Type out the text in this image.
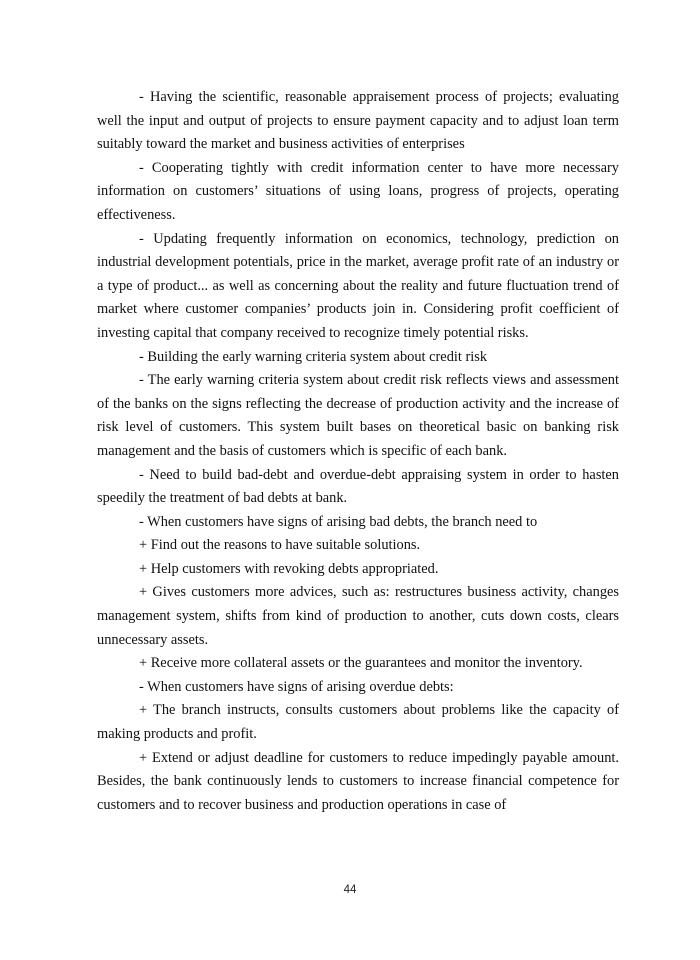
- Having the scientific, reasonable appraisement process of projects; evaluating well the input and output of projects to ensure payment capacity and to adjust loan term suitably toward the market and business activities of enterprises

- Cooperating tightly with credit information center to have more necessary information on customers’ situations of using loans, progress of projects, operating effectiveness.

- Updating frequently information on economics, technology, prediction on industrial development potentials, price in the market, average profit rate of an industry or a type of product... as well as concerning about the reality and future fluctuation trend of market where customer companies’ products join in. Considering profit coefficient of investing capital that company received to recognize timely potential risks.

- Building the early warning criteria system about credit risk

- The early warning criteria system about credit risk reflects views and assessment of the banks on the signs reflecting the decrease of production activity and the increase of risk level of customers. This system built bases on theoretical basic on banking risk management and the basis of customers which is specific of each bank.

- Need to build bad-debt and overdue-debt appraising system in order to hasten speedily the treatment of bad debts at bank.

- When customers have signs of arising bad debts, the branch need to

+ Find out the reasons to have suitable solutions.

+ Help customers with revoking debts appropriated.

+ Gives customers more advices, such as: restructures business activity, changes management system, shifts from kind of production to another, cuts down costs, clears unnecessary assets.

+ Receive more collateral assets or the guarantees and monitor the inventory.

- When customers have signs of arising overdue debts:

+ The branch instructs, consults customers about problems like the capacity of making products and profit.

+ Extend or adjust deadline for customers to reduce impedingly payable amount. Besides, the bank continuously lends to customers to increase financial competence for customers and to recover business and production operations in case of

44
